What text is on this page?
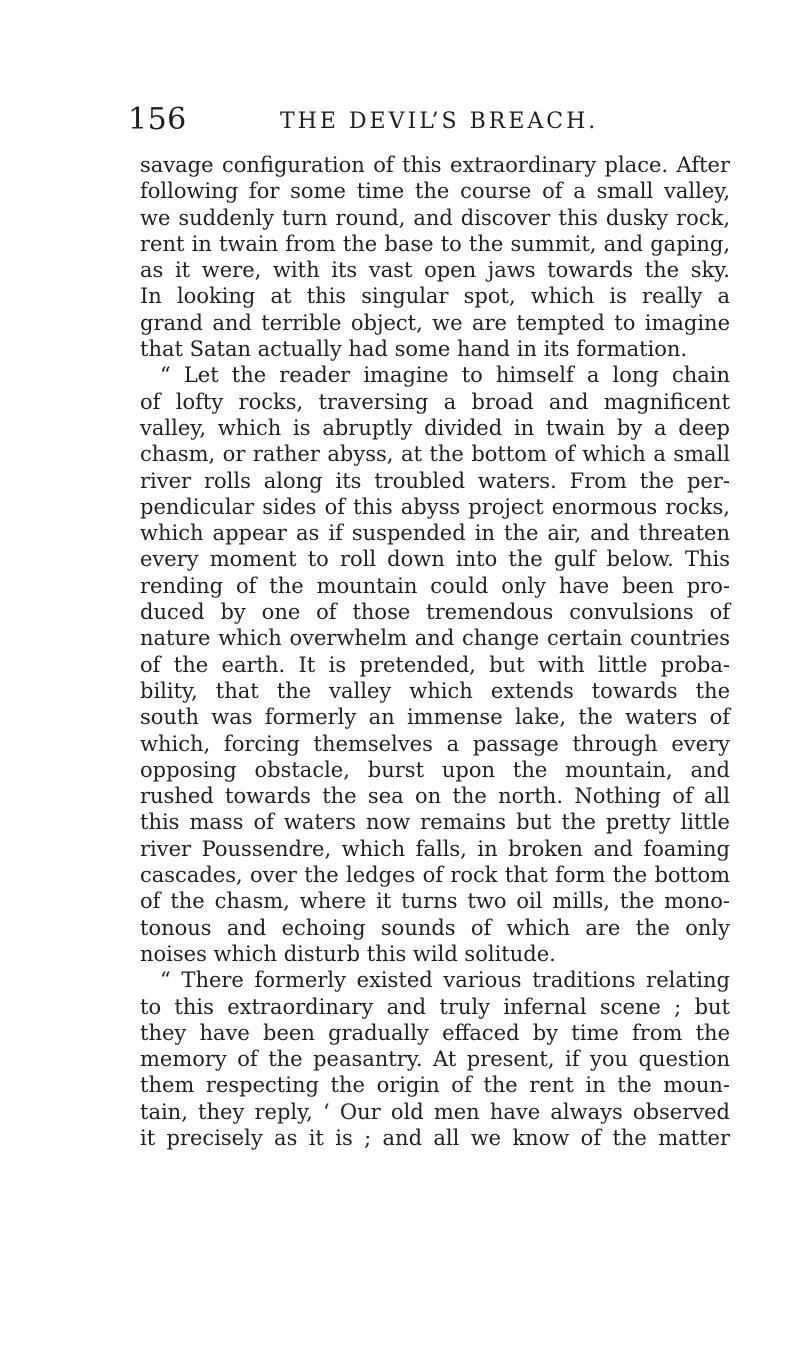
156	THE DEVIL’S BREACH.
savage configuration of this extraordinary place. After
following for some time the course of a small valley,
we suddenly turn round, and discover this dusky rock,
rent in twain from the base to the summit, and gaping,
as it were, with its vast open jaws towards the sky.
In looking at this singular spot, which is really a
grand and terrible object, we are tempted to imagine
that Satan actually had some hand in its formation.
“ Let the reader imagine to himself a long chain
of lofty rocks, traversing a broad and magnificent
valley, which is abruptly divided in twain by a deep
chasm, or rather abyss, at the bottom of which a small
river rolls along its troubled waters. From the per-
pendicular sides of this abyss project enormous rocks,
which appear as if suspended in the air, and threaten
every moment to roll down into the gulf below. This
rending of the mountain could only have been pro-
duced by one of those tremendous convulsions of
nature which overwhelm and change certain countries
of the earth. It is pretended, but with little proba-
bility, that the valley which extends towards the
south was formerly an immense lake, the waters of
which, forcing themselves a passage through every
opposing obstacle, burst upon the mountain, and
rushed towards the sea on the north. Nothing of all
this mass of waters now remains but the pretty little
river Poussendre, which falls, in broken and foaming
cascades, over the ledges of rock that form the bottom
of the chasm, where it turns two oil mills, the mono-
tonous and echoing sounds of which are the only
noises which disturb this wild solitude.
“ There formerly existed various traditions relating
to this extraordinary and truly infernal scene ; but
they have been gradually effaced by time from the
memory of the peasantry. At present, if you question
them respecting the origin of the rent in the moun-
tain, they reply, ‘ Our old men have always observed
it precisely as it is ; and all we know of the matter
